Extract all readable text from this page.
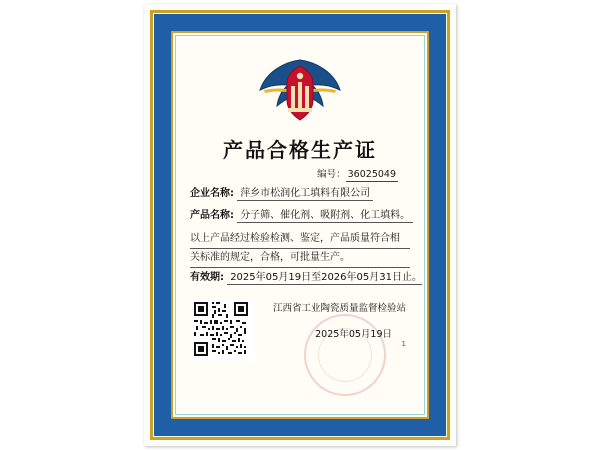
产品合格生产证
编号： 36025049
企业名称: 萍乡市松润化工填料有限公司
产品名称: 分子筛、催化剂、吸附剂、化工填料。
以上产品经过检验检测、鉴定，产品质量符合相
关标准的规定，合格，可批量生产。
有效期: 2025年05月19日至2026年05月31日止。
江西省工业陶瓷质量监督检验站
2025年05月19日
1
